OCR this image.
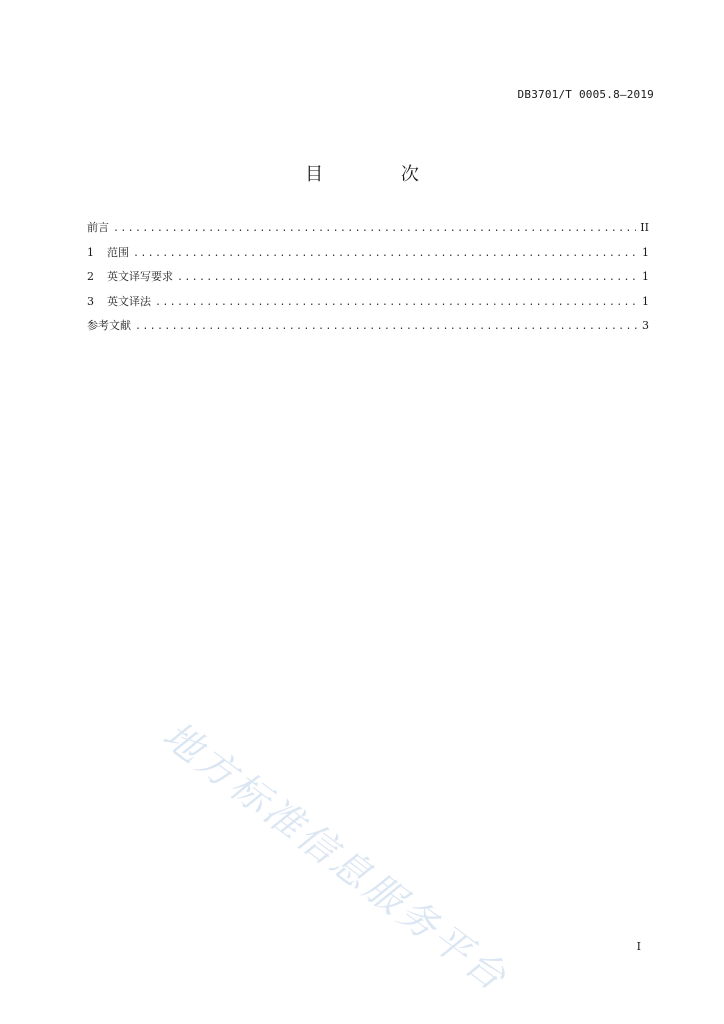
DB3701/T 0005.8—2019
目 次
前言 .....	II
1	范围 .....	1
2	英文译写要求 .....	1
3	英文译法 .....	1
参考文献 .....	3
地方标准信息服务平台	I
